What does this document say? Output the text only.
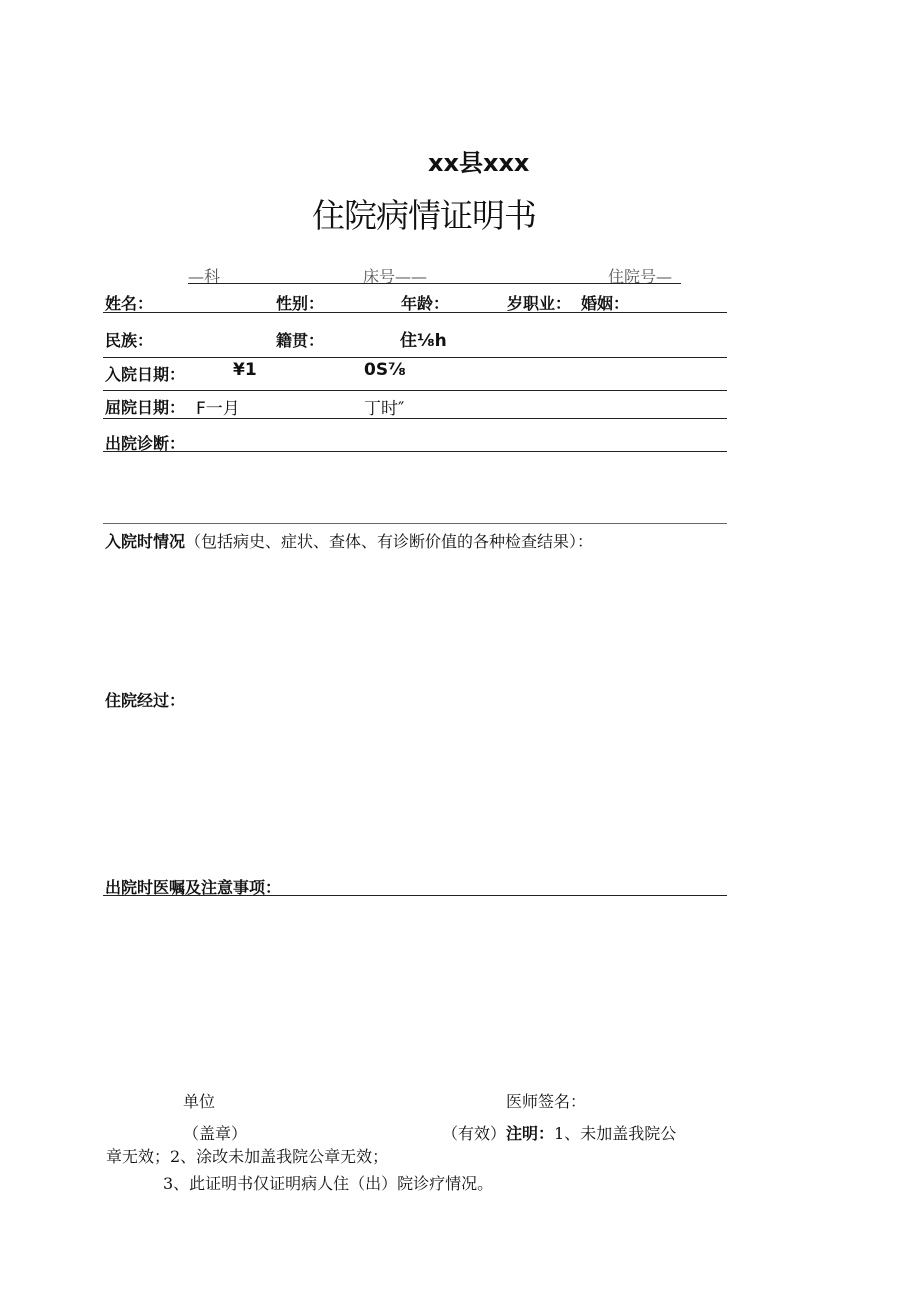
xx县xxx
住院病情证明书
—科	床号——	住院号—
姓名：	性别：	年龄：	岁职业： 婚姻：
民族：	籍贯：	住⅛h
入院日期：	¥1	0S⅞
屈院日期： F一月	丁时″
出院诊断：
入院时情况（包括病史、症状、查体、有诊断价值的各种检查结果）：
住院经过：
出院时医嘱及注意事项：
单位	医师签名：
（盖章）	（有效）注明：1、未加盖我院公
章无效；2、涂改未加盖我院公章无效；
3、此证明书仅证明病人住（出）院诊疗情况。
